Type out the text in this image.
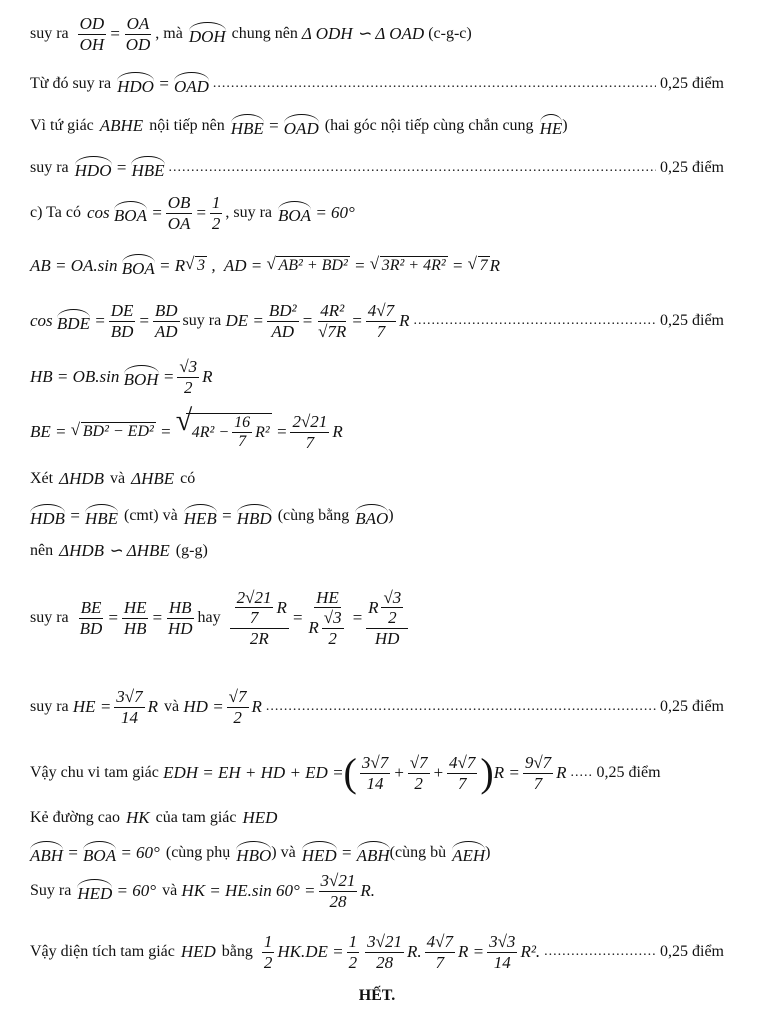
suy ra $\frac{OD}{OH} = \frac{OA}{OD}$ , mà DOH chung nên Δ ODH ∽ Δ OAD (c-g-c)
Từ đó suy ra HDO = OAD .....	0,25 điểm
Vì tứ giác ABHE nội tiếp nên HBE = OAD (hai góc nội tiếp cùng chắn cung HE )
suy ra HDO = HBE .....	0,25 điểm
c) Ta có cos BOA = $\frac{OB}{OA} = \frac{1}{2}$ , suy ra BOA = 60°
AB = OA.sin BOA = R √ 3 ,  AD = √ AB² + BD² = √ 3R² + 4R² = √ 7 R
cos BDE = $\frac{DE}{BD} = \frac{BD}{AD}$ suy ra DE = $\frac{\text{BD²}}{AD} = \frac{\text{4R²}}{√7R} = \frac{4√7}{7}$ R .....	0,25 điểm
HB = OB.sin BOH = $\frac{√3}{2}$ R
BE = √ BD² − ED² = √ $4R^2 - \frac{16}{7} R^2 = \frac{2√21}{7}$ R
Xét ΔHDB và ΔHBE có
HDB = HBE (cmt) và HEB = HBD (cùng bằng BAO )
nên ΔHDB ∽ ΔHBE (g-g)
suy ra $\frac{BE}{BD} = \frac{HE}{HB} = \frac{HB}{HD}$ hay $\frac{\frac{2√21}{7} R}{2R} = \frac{HE}{R \frac{√3}{2}} = \frac{R \frac{√3}{2}}{HD}$
suy ra HE = $\frac{3√7}{14}$ R và HD = $\frac{√7}{2}$ R .....	0,25 điểm
Vậy chu vi tam giác EDH = EH + HD + ED = ( $\frac{3√7}{14} + \frac{√7}{2} + \frac{4√7}{7}$ ) $R = \frac{9√7}{7}$ R ..... 0,25 điểm
Kẻ đường cao HK của tam giác HED
ABH = BOA = 60° (cùng phụ HBO ) và HED = ABH (cùng bù AEH )
Suy ra HED = 60° và HK = HE.sin $60^\circ = \frac{3√21}{28} R$.
Vậy diện tích tam giác HED bằng $\frac{1}{2} HK.DE = \frac{1}{2} \frac{3√21}{28} R$. $\frac{4√7}{7}$ $R = \frac{3√3}{14} R^2$. .....	0,25 điểm
HẾT.
